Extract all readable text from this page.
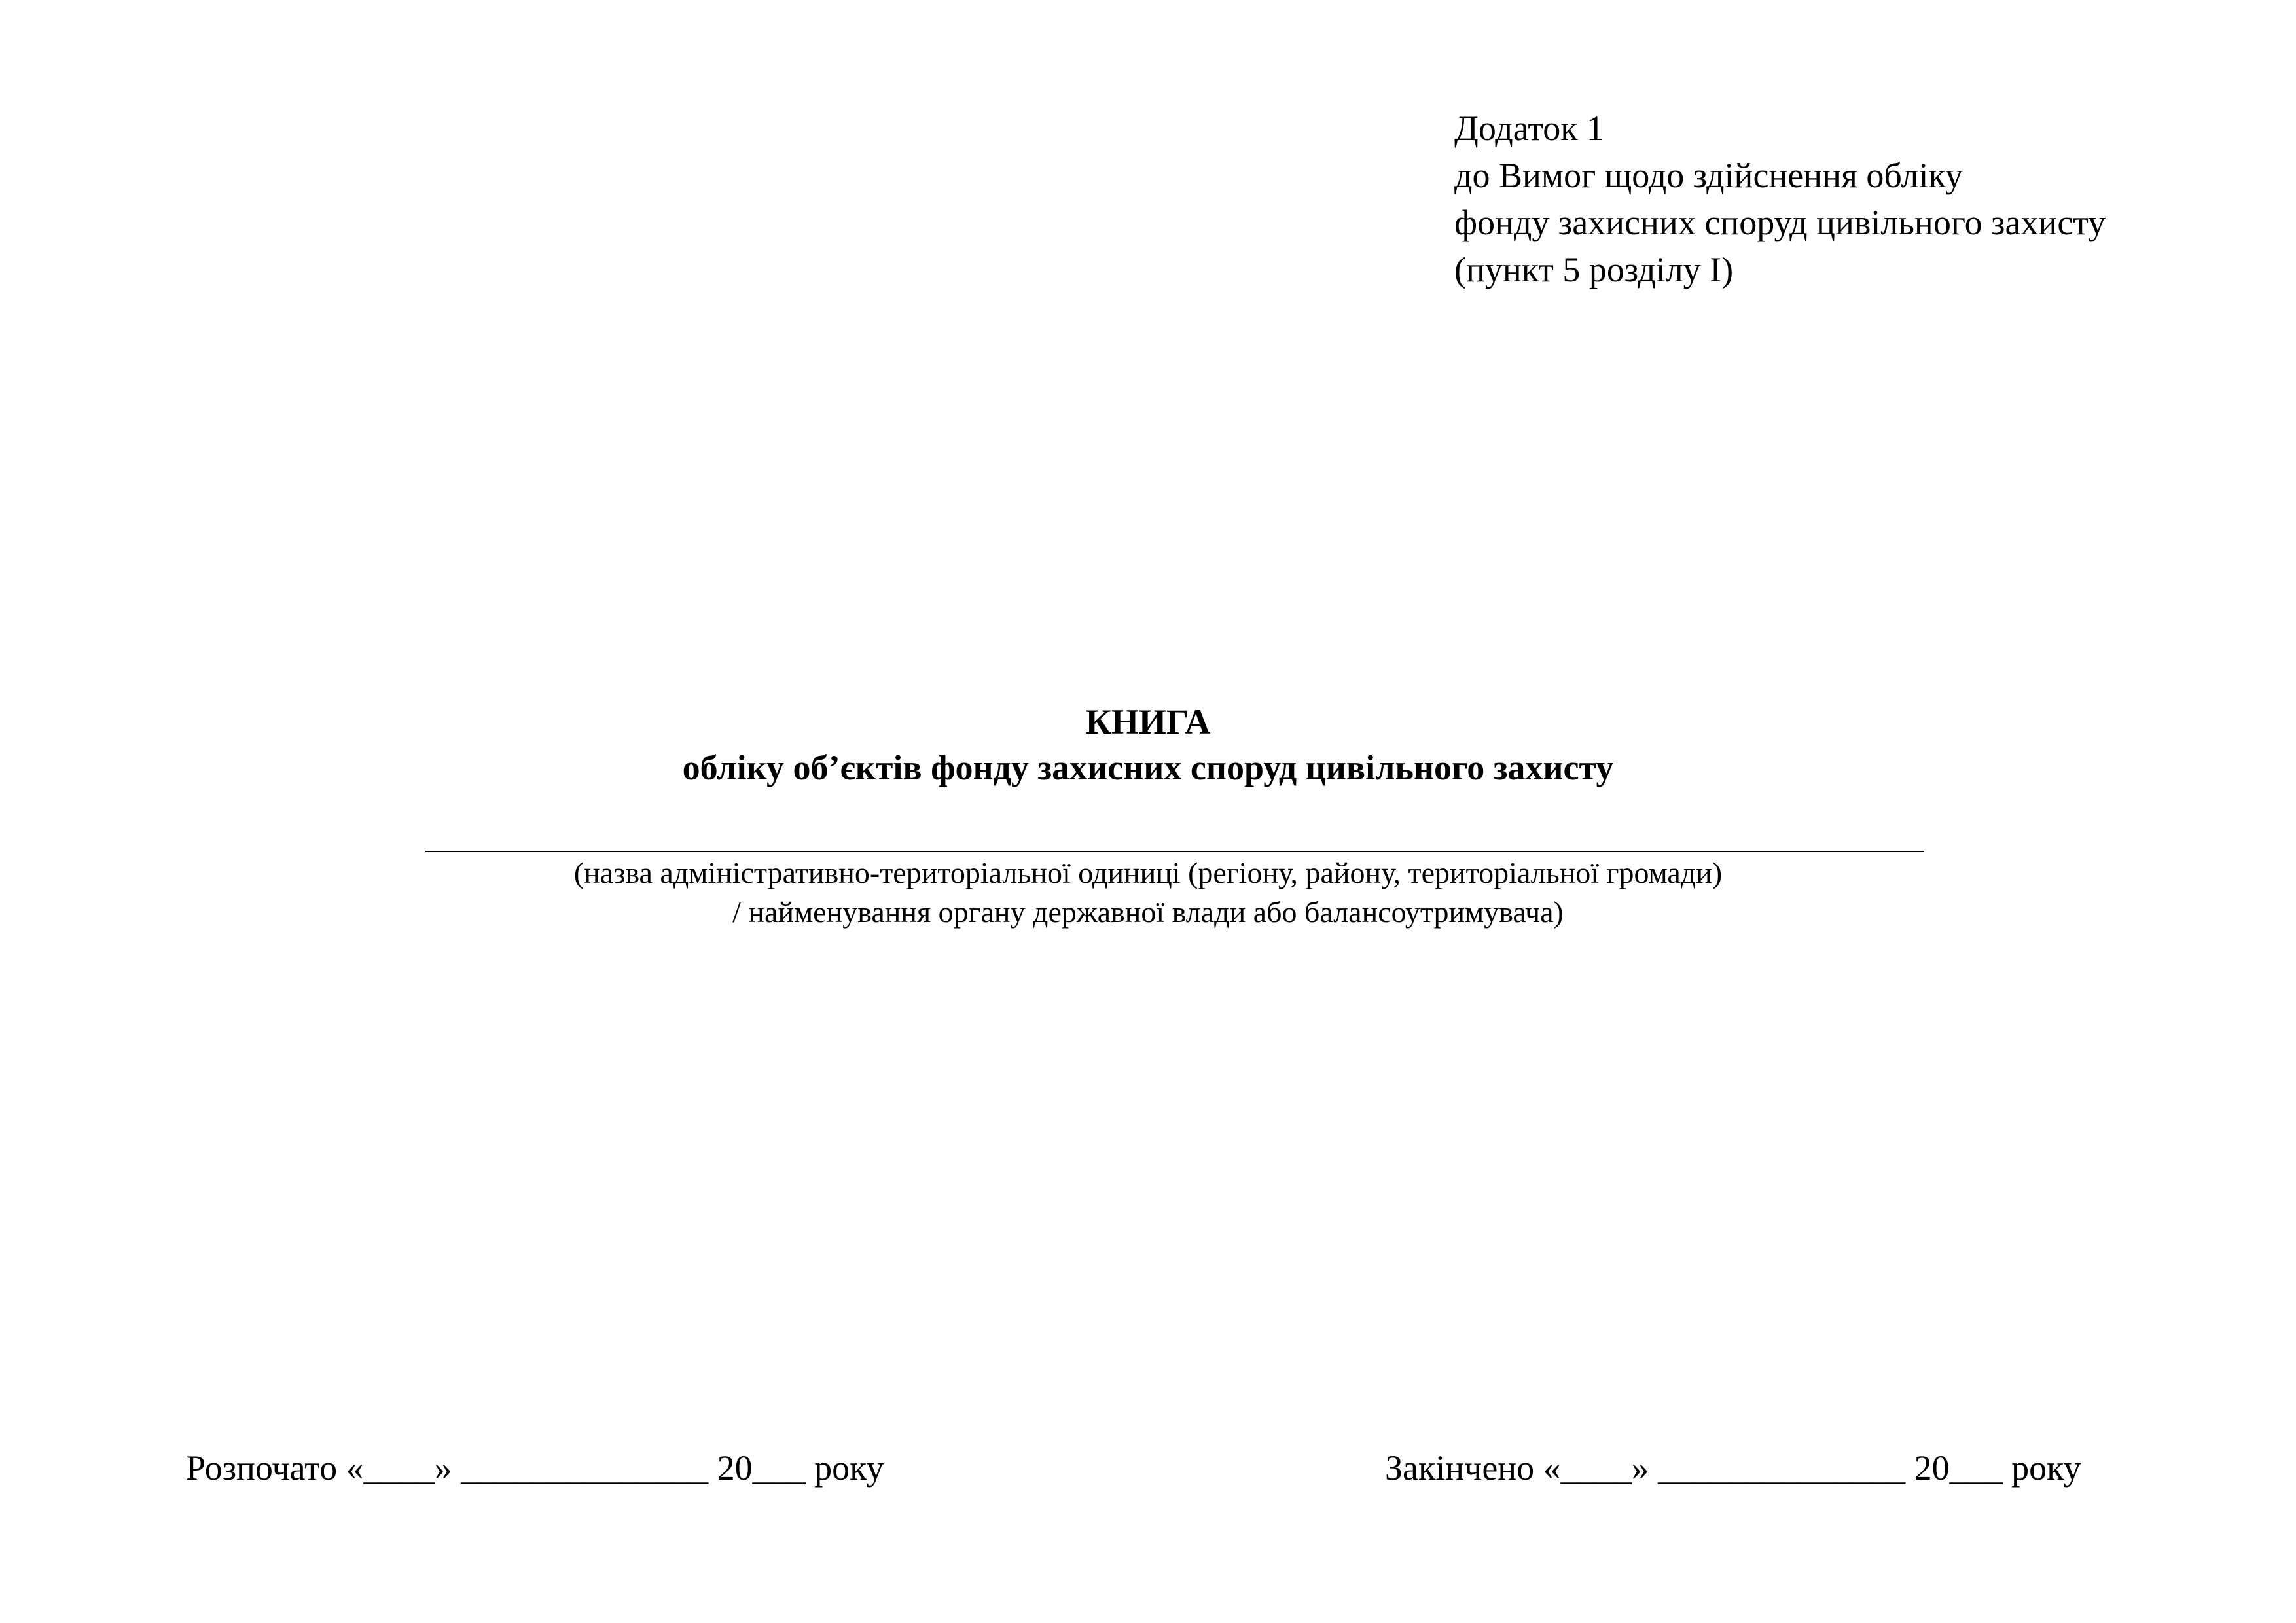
Додаток 1
до Вимог щодо здійснення обліку
фонду захисних споруд цивільного захисту
(пункт 5 розділу І)
КНИГА
обліку об’єктів фонду захисних споруд цивільного захисту
(назва адміністративно-територіальної одиниці (регіону, району, територіальної громади)
/ найменування органу державної влади або балансоутримувача)
Розпочато «____» ______________ 20___ року	Закінчено «____» ______________ 20___ року
